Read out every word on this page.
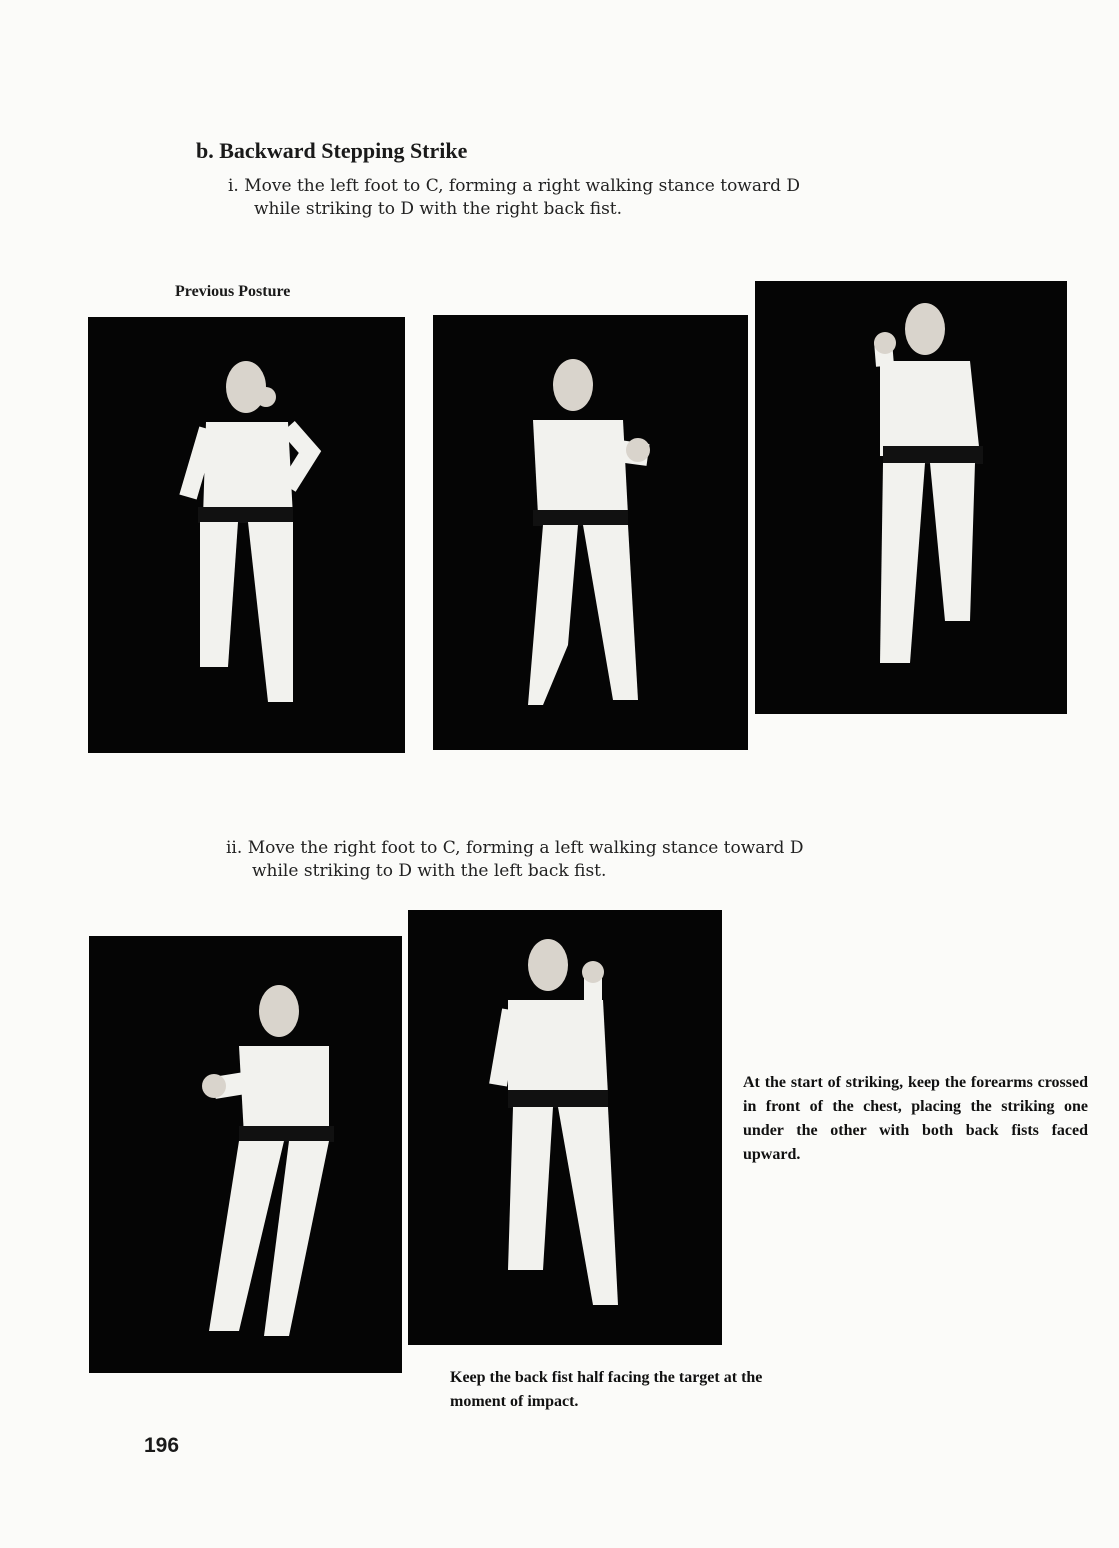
b. Backward Stepping Strike
i. Move the left foot to C, forming a right walking stance toward D
while striking to D with the right back fist.
Previous Posture
ii. Move the right foot to C, forming a left walking stance toward D
while striking to D with the left back fist.
At the start of striking, keep the forearms crossed in front of the chest, placing the striking one under the other with both back fists faced upward.
Keep the back fist half facing the target at the moment of impact.
196
